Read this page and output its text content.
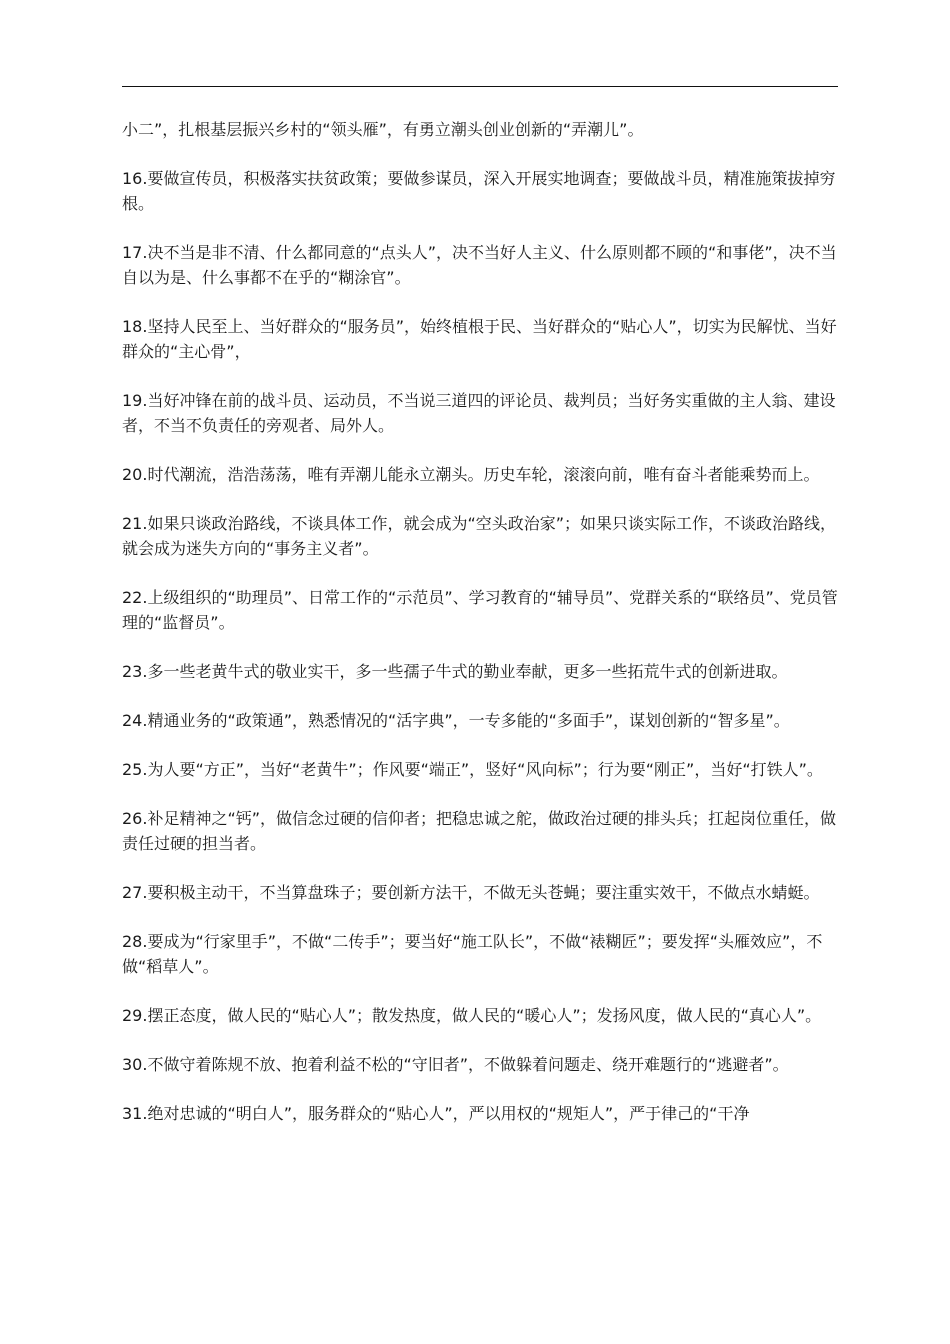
小二”，扎根基层振兴乡村的“领头雁”，有勇立潮头创业创新的“弄潮儿”。

16.要做宣传员，积极落实扶贫政策；要做参谋员，深入开展实地调查；要做战斗员，精准施策拔掉穷根。

17.决不当是非不清、什么都同意的“点头人”，决不当好人主义、什么原则都不顾的“和事佬”，决不当自以为是、什么事都不在乎的“糊涂官”。

18.坚持人民至上、当好群众的“服务员”，始终植根于民、当好群众的“贴心人”，切实为民解忧、当好群众的“主心骨”，

19.当好冲锋在前的战斗员、运动员，不当说三道四的评论员、裁判员；当好务实重做的主人翁、建设者，不当不负责任的旁观者、局外人。

20.时代潮流，浩浩荡荡，唯有弄潮儿能永立潮头。历史车轮，滚滚向前，唯有奋斗者能乘势而上。

21.如果只谈政治路线，不谈具体工作，就会成为“空头政治家”；如果只谈实际工作，不谈政治路线，就会成为迷失方向的“事务主义者”。

22.上级组织的“助理员”、日常工作的“示范员”、学习教育的“辅导员”、党群关系的“联络员”、党员管理的“监督员”。

23.多一些老黄牛式的敬业实干，多一些孺子牛式的勤业奉献，更多一些拓荒牛式的创新进取。

24.精通业务的“政策通”，熟悉情况的“活字典”，一专多能的“多面手”，谋划创新的“智多星”。

25.为人要“方正”，当好“老黄牛”；作风要“端正”，竖好“风向标”；行为要“刚正”，当好“打铁人”。

26.补足精神之“钙”，做信念过硬的信仰者；把稳忠诚之舵，做政治过硬的排头兵；扛起岗位重任，做责任过硬的担当者。

27.要积极主动干，不当算盘珠子；要创新方法干，不做无头苍蝇；要注重实效干，不做点水蜻蜓。

28.要成为“行家里手”，不做“二传手”；要当好“施工队长”，不做“裱糊匠”；要发挥“头雁效应”，不做“稻草人”。

29.摆正态度，做人民的“贴心人”；散发热度，做人民的“暖心人”；发扬风度，做人民的“真心人”。

30.不做守着陈规不放、抱着利益不松的“守旧者”，不做躲着问题走、绕开难题行的“逃避者”。

31.绝对忠诚的“明白人”，服务群众的“贴心人”，严以用权的“规矩人”，严于律己的“干净
